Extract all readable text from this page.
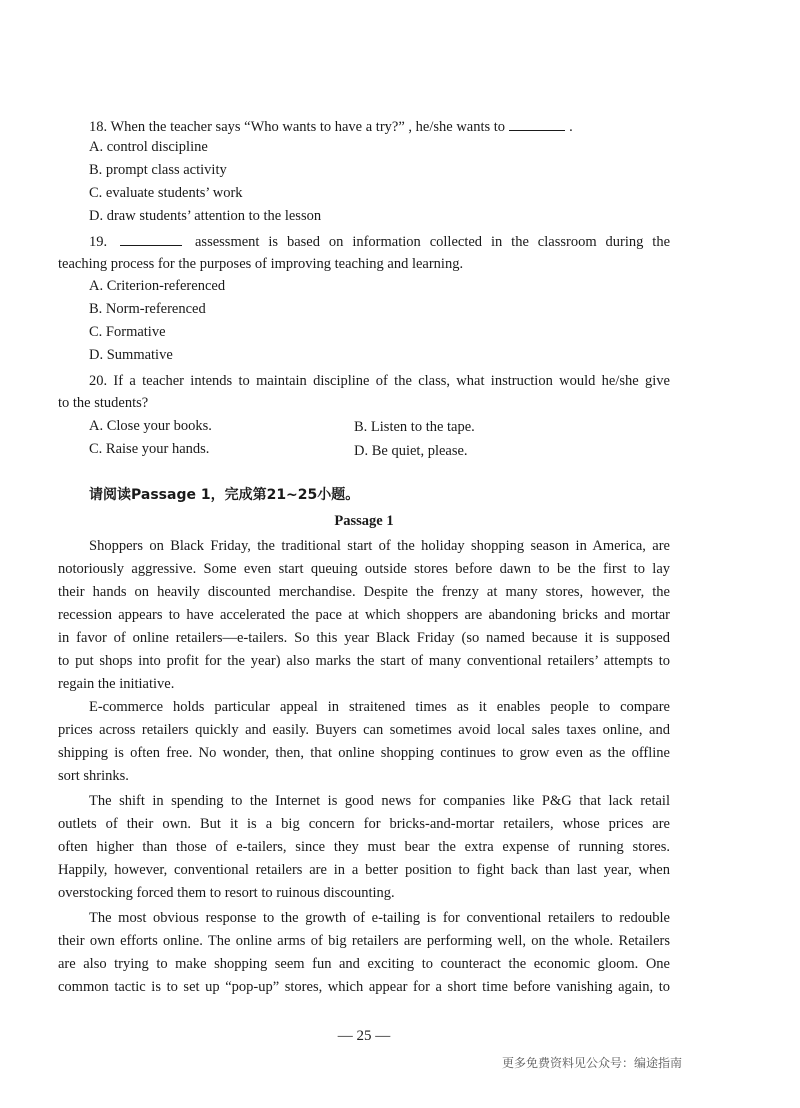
18. When the teacher says “Who wants to have a try?” , he/she wants to	.
A. control discipline
B. prompt class activity
C. evaluate students’ work
D. draw students’ attention to the lesson
19.	assessment is based on information collected in the classroom during the
teaching process for the purposes of improving teaching and learning.
A. Criterion-referenced
B. Norm-referenced
C. Formative
D. Summative
20. If a teacher intends to maintain discipline of the class, what instruction would he/she give
to the students?
A. Close your books.	B. Listen to the tape.
C. Raise your hands.	D. Be quiet, please.
请阅读Passage 1，完成第21~25小题。
Passage 1
Shoppers on Black Friday, the traditional start of the holiday shopping season in America, are
notoriously aggressive. Some even start queuing outside stores before dawn to be the first to lay
their hands on heavily discounted merchandise. Despite the frenzy at many stores, however, the
recession appears to have accelerated the pace at which shoppers are abandoning bricks and mortar
in favor of online retailers—e-tailers. So this year Black Friday (so named because it is supposed
to put shops into profit for the year) also marks the start of many conventional retailers’ attempts to
regain the initiative.
E-commerce holds particular appeal in straitened times as it enables people to compare
prices across retailers quickly and easily. Buyers can sometimes avoid local sales taxes online, and
shipping is often free. No wonder, then, that online shopping continues to grow even as the offline
sort shrinks.
The shift in spending to the Internet is good news for companies like P&G that lack retail
outlets of their own. But it is a big concern for bricks-and-mortar retailers, whose prices are
often higher than those of e-tailers, since they must bear the extra expense of running stores.
Happily, however, conventional retailers are in a better position to fight back than last year, when
overstocking forced them to resort to ruinous discounting.
The most obvious response to the growth of e-tailing is for conventional retailers to redouble
their own efforts online. The online arms of big retailers are performing well, on the whole. Retailers
are also trying to make shopping seem fun and exciting to counteract the economic gloom. One
common tactic is to set up “pop-up” stores, which appear for a short time before vanishing again, to
— 25 —
更多免费资料见公众号：编途指南
